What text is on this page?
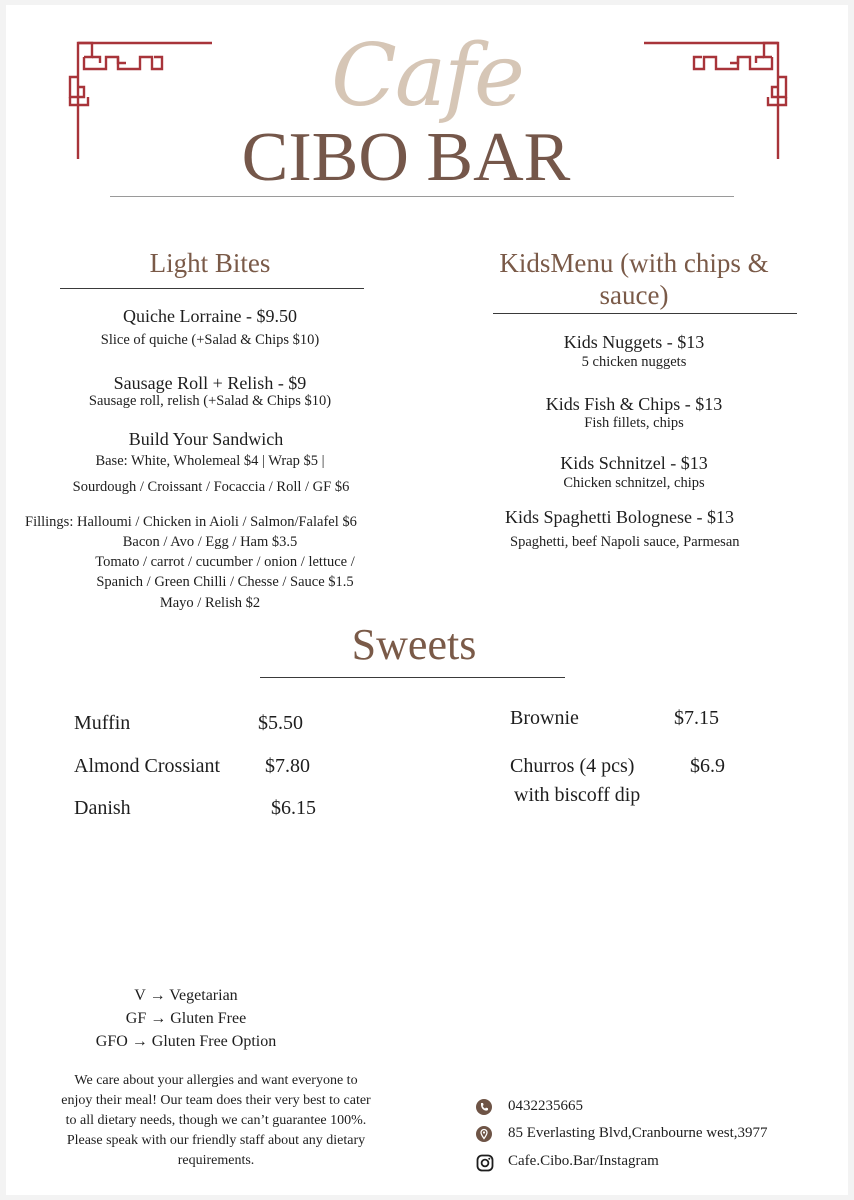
Cafe
CIBO BAR
Light Bites
Quiche Lorraine - $9.50
Slice of quiche (+Salad & Chips $10)
Sausage Roll + Relish - $9
Sausage roll, relish (+Salad & Chips $10)
Build Your Sandwich
Base: White, Wholemeal $4 | Wrap $5 |
Sourdough / Croissant / Focaccia / Roll / GF $6
Fillings: Halloumi / Chicken in Aioli / Salmon/Falafel $6
Bacon / Avo / Egg / Ham $3.5
Tomato / carrot / cucumber / onion / lettuce /
Spanich / Green Chilli / Chesse / Sauce $1.5
Mayo / Relish $2
KidsMenu (with chips &
sauce)
Kids Nuggets - $13
5 chicken nuggets
Kids Fish & Chips - $13
Fish fillets, chips
Kids Schnitzel - $13
Chicken schnitzel, chips
Kids Spaghetti Bolognese - $13
Spaghetti, beef Napoli sauce, Parmesan
Sweets
Muffin	$5.50
Almond Crossiant $7.80
Danish	$6.15
Brownie	$7.15
Churros (4 pcs)	$6.9
with biscoff dip
V → Vegetarian
GF → Gluten Free
GFO → Gluten Free Option
We care about your allergies and want everyone to
enjoy their meal! Our team does their very best to cater
to all dietary needs, though we can’t guarantee 100%.
Please speak with our friendly staff about any dietary
requirements.
0432235665
85 Everlasting Blvd,Cranbourne west,3977
Cafe.Cibo.Bar/Instagram
